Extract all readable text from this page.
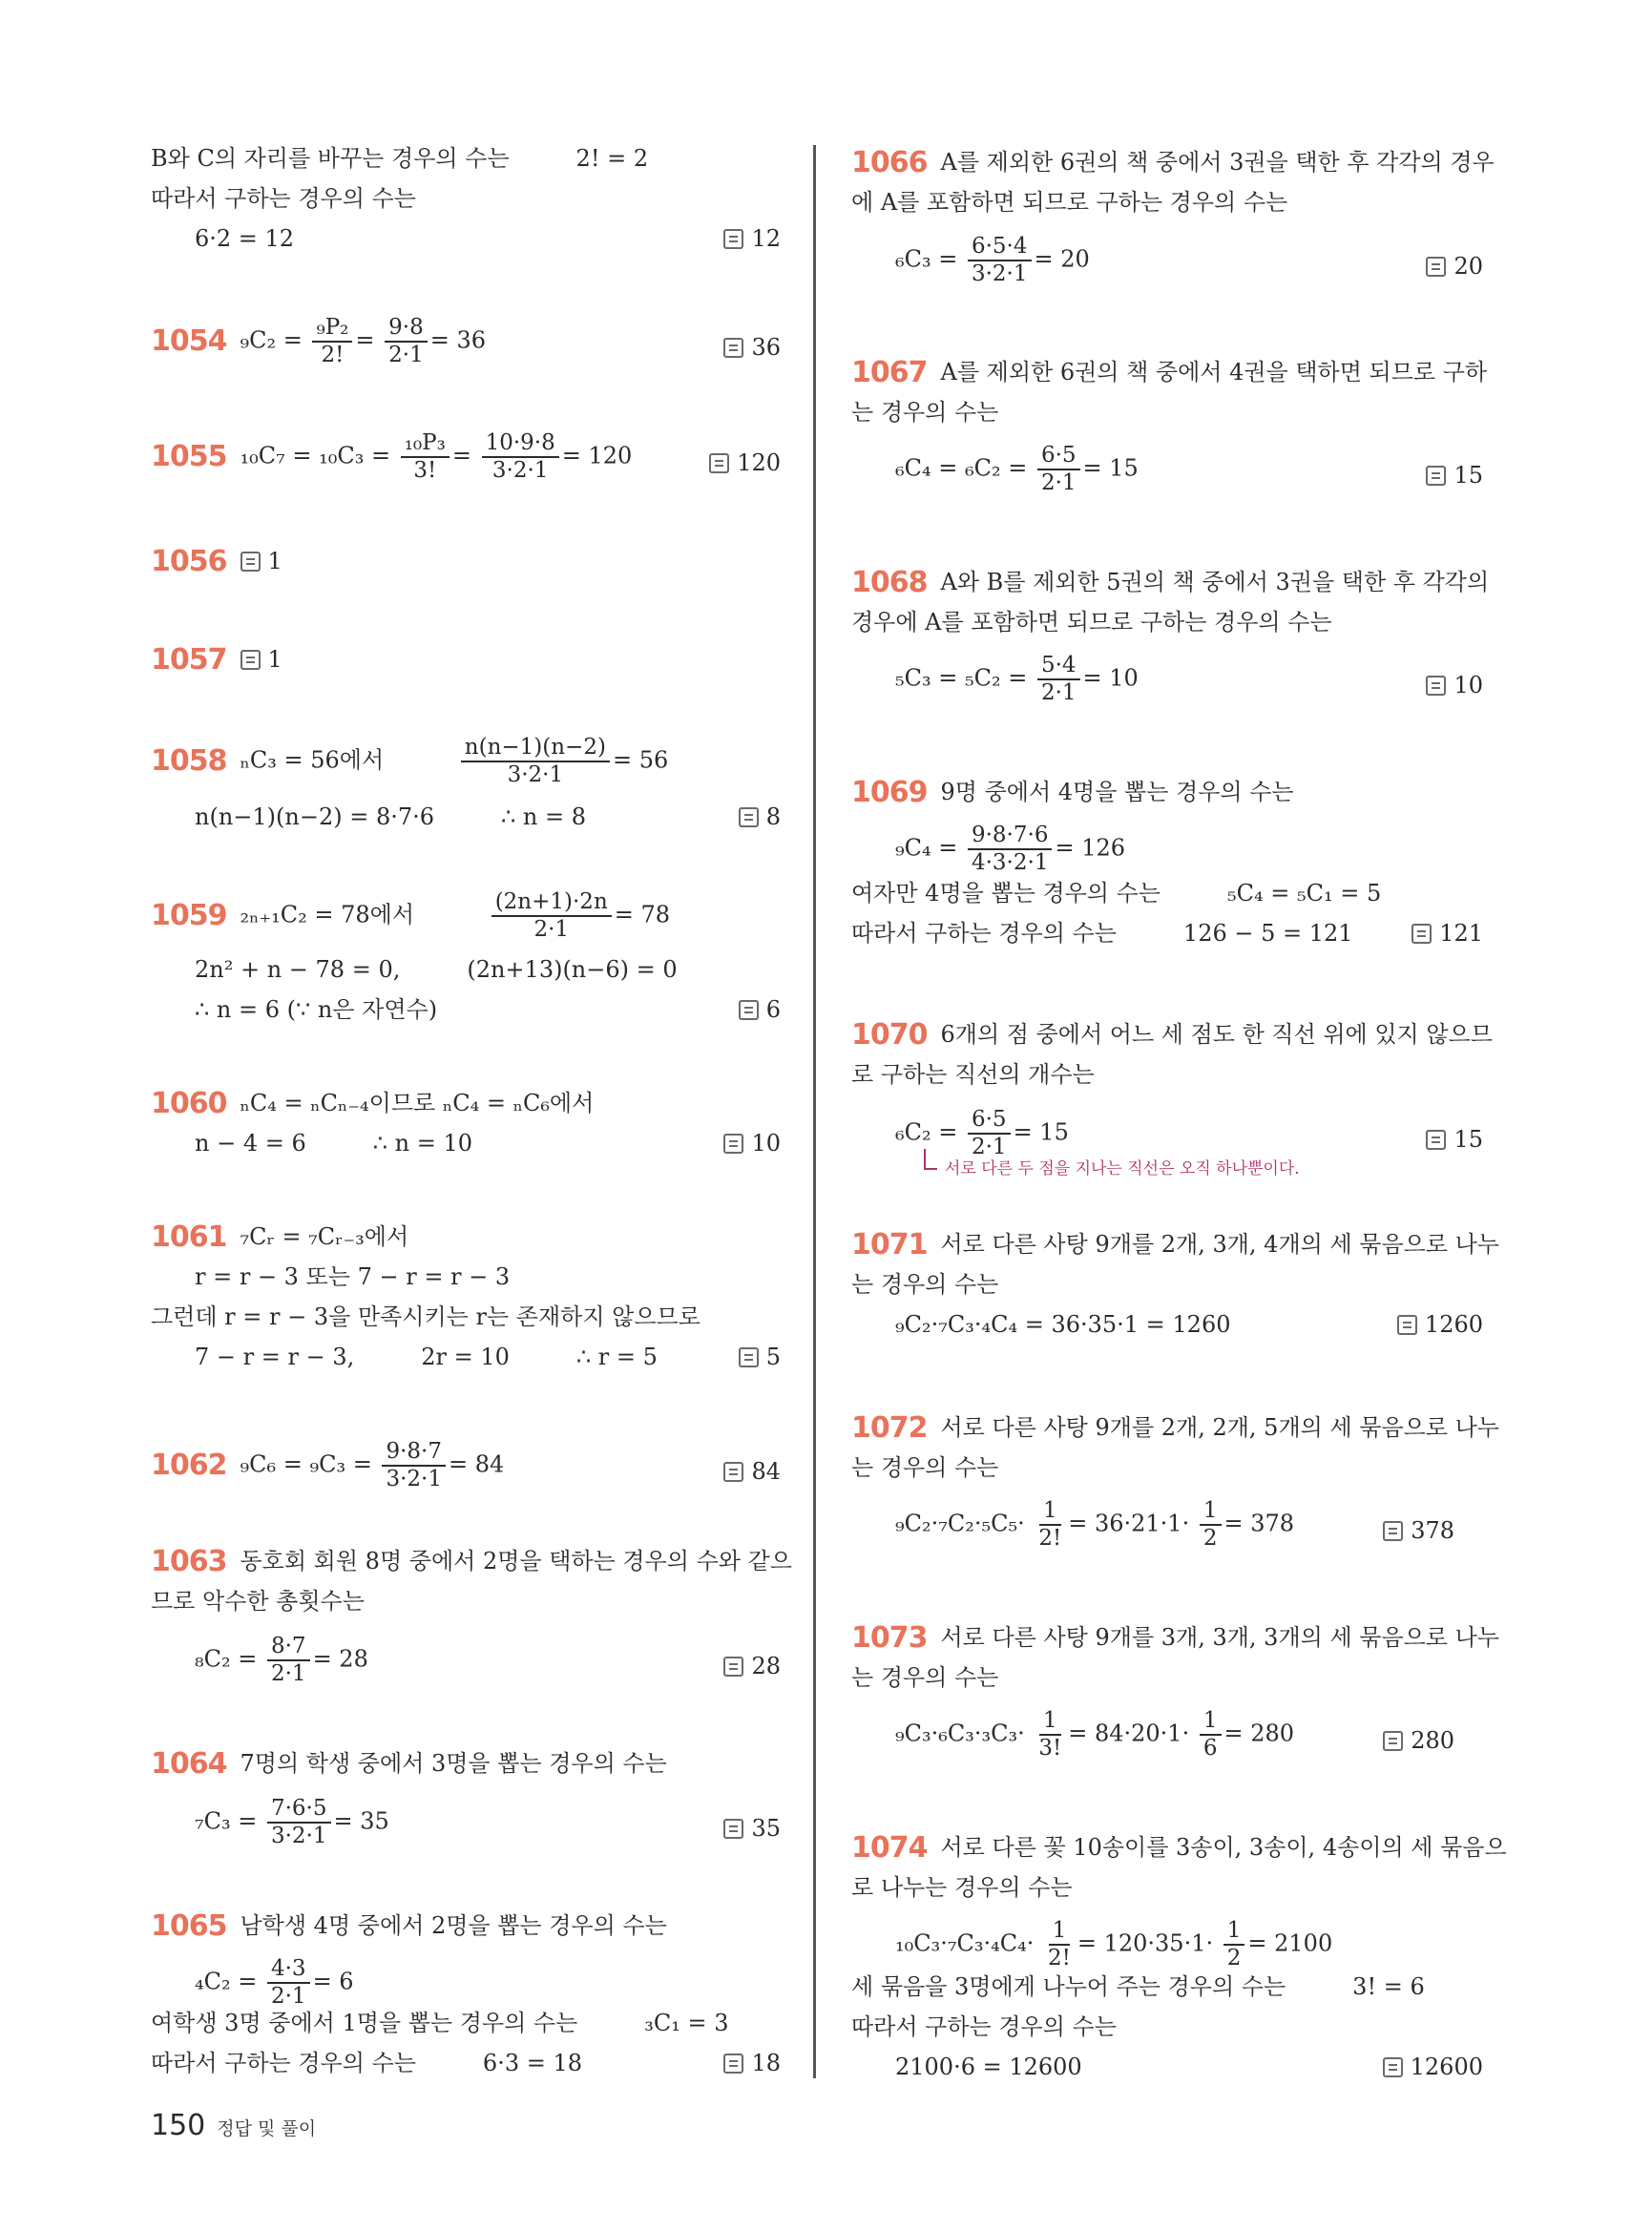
B와 C의 자리를 바꾸는 경우의 수는	2! = 2
따라서 구하는 경우의 수는
6·2 = 12	12
1054 $_9C_2 = \frac{\text{₉P₂}}{2!} = \frac{9\cdot 8}{2\cdot 1} = 36$	36
1055 $_{10}C_7 = _{10}C_3 = \frac{\text{₁₀P₃}}{3!} = \frac{10\cdot 9\cdot 8}{3\cdot 2\cdot 1} = 120$	120
1056 1
1057 1
1058 ₙC₃ = 56에서	$\frac{n(n-1)(n-2)}{3\cdot 2\cdot 1} = 56$
n(n−1)(n−2) = 8·7·6	∴ n = 8	8
1059 ₂ₙ₊₁C₂ = 78에서	$\frac{(2n+1)\cdot 2n}{2\cdot 1} = 78$
2n² + n − 78 = 0,	(2n+13)(n−6) = 0
∴ n = 6 (∵ n은 자연수)	6
1060 ₙC₄ = ₙCₙ₋₄이므로 ₙC₄ = ₙC₆에서
n − 4 = 6	∴ n = 10	10
1061 ₇Cᵣ = ₇Cᵣ₋₃에서
r = r − 3 또는 7 − r = r − 3
그런데 r = r − 3을 만족시키는 r는 존재하지 않으므로
7 − r = r − 3,	2r = 10	∴ r = 5	5
1062 $_9C_6 = _9C_3 = \frac{9\cdot 8\cdot 7}{3\cdot 2\cdot 1} = 84$	84
1063 동호회 회원 8명 중에서 2명을 택하는 경우의 수와 같으
므로 악수한 총횟수는
$_8C_2 = \frac{8\cdot 7}{2\cdot 1} = 28$	28
1064 7명의 학생 중에서 3명을 뽑는 경우의 수는
$_7C_3 = \frac{7\cdot 6\cdot 5}{3\cdot 2\cdot 1} = 35$	35
1065 남학생 4명 중에서 2명을 뽑는 경우의 수는
$_4C_2 = \frac{4\cdot 3}{2\cdot 1} = 6$
여학생 3명 중에서 1명을 뽑는 경우의 수는	₃C₁ = 3
따라서 구하는 경우의 수는	6·3 = 18	18
1066 A를 제외한 6권의 책 중에서 3권을 택한 후 각각의 경우
에 A를 포함하면 되므로 구하는 경우의 수는
$_6C_3 = \frac{6\cdot 5\cdot 4}{3\cdot 2\cdot 1} = 20$	20
1067 A를 제외한 6권의 책 중에서 4권을 택하면 되므로 구하
는 경우의 수는
$_6C_4 = _6C_2 = \frac{6\cdot 5}{2\cdot 1} = 15$	15
1068 A와 B를 제외한 5권의 책 중에서 3권을 택한 후 각각의
경우에 A를 포함하면 되므로 구하는 경우의 수는
$_5C_3 = _5C_2 = \frac{5\cdot 4}{2\cdot 1} = 10$	10
1069 9명 중에서 4명을 뽑는 경우의 수는
$_9C_4 = \frac{9\cdot 8\cdot 7\cdot 6}{4\cdot 3\cdot 2\cdot 1} = 126$
여자만 4명을 뽑는 경우의 수는	₅C₄ = ₅C₁ = 5
따라서 구하는 경우의 수는	126 − 5 = 121	121
1070 6개의 점 중에서 어느 세 점도 한 직선 위에 있지 않으므
로 구하는 직선의 개수는
$_6C_2 = \frac{6\cdot 5}{2\cdot 1} = 15$	15
서로 다른 두 점을 지나는 직선은 오직 하나뿐이다.
1071 서로 다른 사탕 9개를 2개, 3개, 4개의 세 묶음으로 나누
는 경우의 수는
₉C₂·₇C₃·₄C₄ = 36·35·1 = 1260	1260
1072 서로 다른 사탕 9개를 2개, 2개, 5개의 세 묶음으로 나누
는 경우의 수는
$_9C_2\cdot_7C_2\cdot_5C_5\cdot \frac{1}{2!} = 36\cdot 21\cdot 1\cdot \frac{1}{2} = 378$	378
1073 서로 다른 사탕 9개를 3개, 3개, 3개의 세 묶음으로 나누
는 경우의 수는
$_9C_3\cdot_6C_3\cdot_3C_3\cdot \frac{1}{3!} = 84\cdot 20\cdot 1\cdot \frac{1}{6} = 280$	280
1074 서로 다른 꽃 10송이를 3송이, 3송이, 4송이의 세 묶음으
로 나누는 경우의 수는
$_{10}C_3\cdot_7C_3\cdot_4C_4\cdot \frac{1}{2!} = 120\cdot 35\cdot 1\cdot \frac{1}{2} = 2100$
세 묶음을 3명에게 나누어 주는 경우의 수는	3! = 6
따라서 구하는 경우의 수는
2100·6 = 12600	12600
150 정답 및 풀이
